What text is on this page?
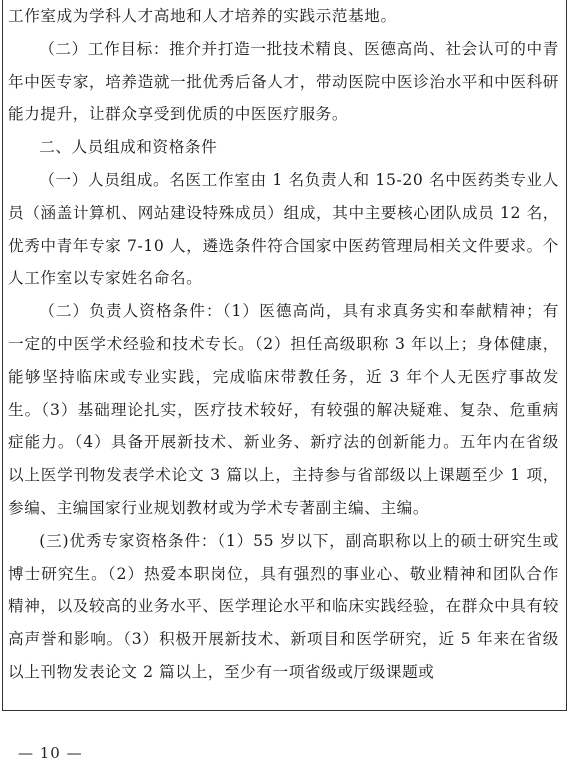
工作室成为学科人才高地和人才培养的实践示范基地。

（二）工作目标：推介并打造一批技术精良、医德高尚、社会认可的中青年中医专家，培养造就一批优秀后备人才，带动医院中医诊治水平和中医科研能力提升，让群众享受到优质的中医医疗服务。

二、人员组成和资格条件

（一）人员组成。名医工作室由 1 名负责人和 15-20 名中医药类专业人员（涵盖计算机、网站建设特殊成员）组成，其中主要核心团队成员 12 名，优秀中青年专家 7-10 人，遴选条件符合国家中医药管理局相关文件要求。个人工作室以专家姓名命名。

（二）负责人资格条件：（1）医德高尚，具有求真务实和奉献精神；有一定的中医学术经验和技术专长。（2）担任高级职称 3 年以上；身体健康，能够坚持临床或专业实践，完成临床带教任务，近 3 年个人无医疗事故发生。（3）基础理论扎实，医疗技术较好，有较强的解决疑难、复杂、危重病症能力。（4）具备开展新技术、新业务、新疗法的创新能力。五年内在省级以上医学刊物发表学术论文 3 篇以上，主持参与省部级以上课题至少 1 项，参编、主编国家行业规划教材或为学术专著副主编、主编。

(三)优秀专家资格条件：（1）55 岁以下，副高职称以上的硕士研究生或博士研究生。（2）热爱本职岗位，具有强烈的事业心、敬业精神和团队合作精神，以及较高的业务水平、医学理论水平和临床实践经验，在群众中具有较高声誉和影响。（3）积极开展新技术、新项目和医学研究，近 5 年来在省级以上刊物发表论文 2 篇以上，至少有一项省级或厅级课题或

— 10 —
